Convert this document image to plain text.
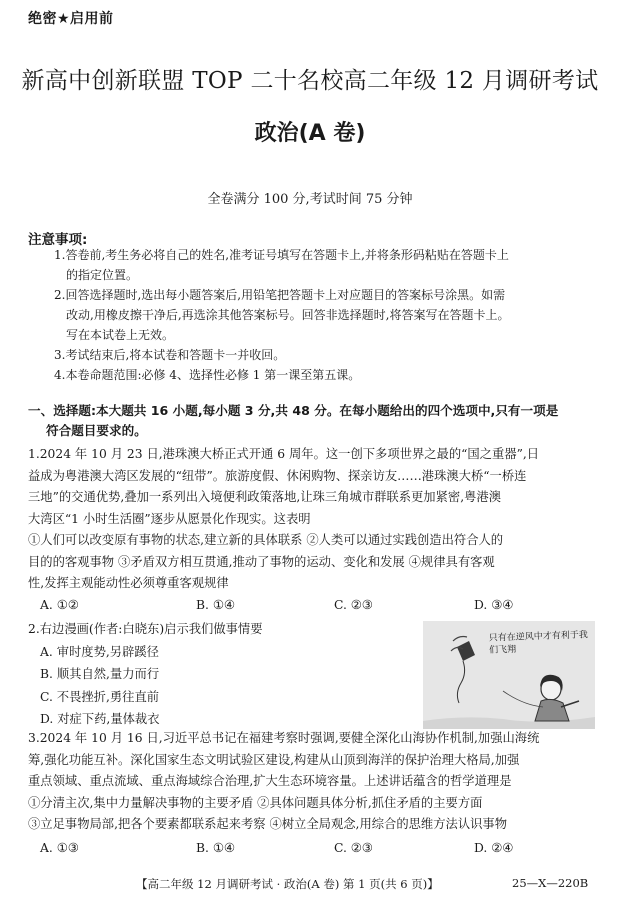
绝密★启用前
新高中创新联盟 TOP 二十名校高二年级 12 月调研考试
政治(A 卷)
全卷满分 100 分,考试时间 75 分钟
注意事项:
1.答卷前,考生务必将自己的姓名,准考证号填写在答题卡上,并将条形码粘贴在答题卡上
的指定位置。
2.回答选择题时,选出每小题答案后,用铅笔把答题卡上对应题目的答案标号涂黑。如需
改动,用橡皮擦干净后,再选涂其他答案标号。回答非选择题时,将答案写在答题卡上。
写在本试卷上无效。
3.考试结束后,将本试卷和答题卡一并收回。
4.本卷命题范围:必修 4、选择性必修 1 第一课至第五课。
一、选择题:本大题共 16 小题,每小题 3 分,共 48 分。在每小题给出的四个选项中,只有一项是
符合题目要求的。
1.2024 年 10 月 23 日,港珠澳大桥正式开通 6 周年。这一创下多项世界之最的“国之重器”,日
益成为粤港澳大湾区发展的“纽带”。旅游度假、休闲购物、探亲访友……港珠澳大桥“一桥连
三地”的交通优势,叠加一系列出入境便利政策落地,让珠三角城市群联系更加紧密,粤港澳
大湾区“1 小时生活圈”逐步从愿景化作现实。这表明
①人们可以改变原有事物的状态,建立新的具体联系 ②人类可以通过实践创造出符合人的
目的的客观事物 ③矛盾双方相互贯通,推动了事物的运动、变化和发展 ④规律具有客观
性,发挥主观能动性必须尊重客观规律
A. ①②	B. ①④	C. ②③	D. ③④
2.右边漫画(作者:白晓东)启示我们做事情要
A. 审时度势,另辟蹊径
B. 顺其自然,量力而行
C. 不畏挫折,勇往直前
D. 对症下药,量体裁衣
只有在逆风中才有利于我们飞翔
3.2024 年 10 月 16 日,习近平总书记在福建考察时强调,要健全深化山海协作机制,加强山海统
筹,强化功能互补。深化国家生态文明试验区建设,构建从山顶到海洋的保护治理大格局,加强
重点领域、重点流域、重点海域综合治理,扩大生态环境容量。上述讲话蕴含的哲学道理是
①分清主次,集中力量解决事物的主要矛盾 ②具体问题具体分析,抓住矛盾的主要方面
③立足事物局部,把各个要素都联系起来考察 ④树立全局观念,用综合的思维方法认识事物
A. ①③	B. ①④	C. ②③	D. ②④
【高二年级 12 月调研考试 · 政治(A 卷) 第 1 页(共 6 页)】	25—X—220B
